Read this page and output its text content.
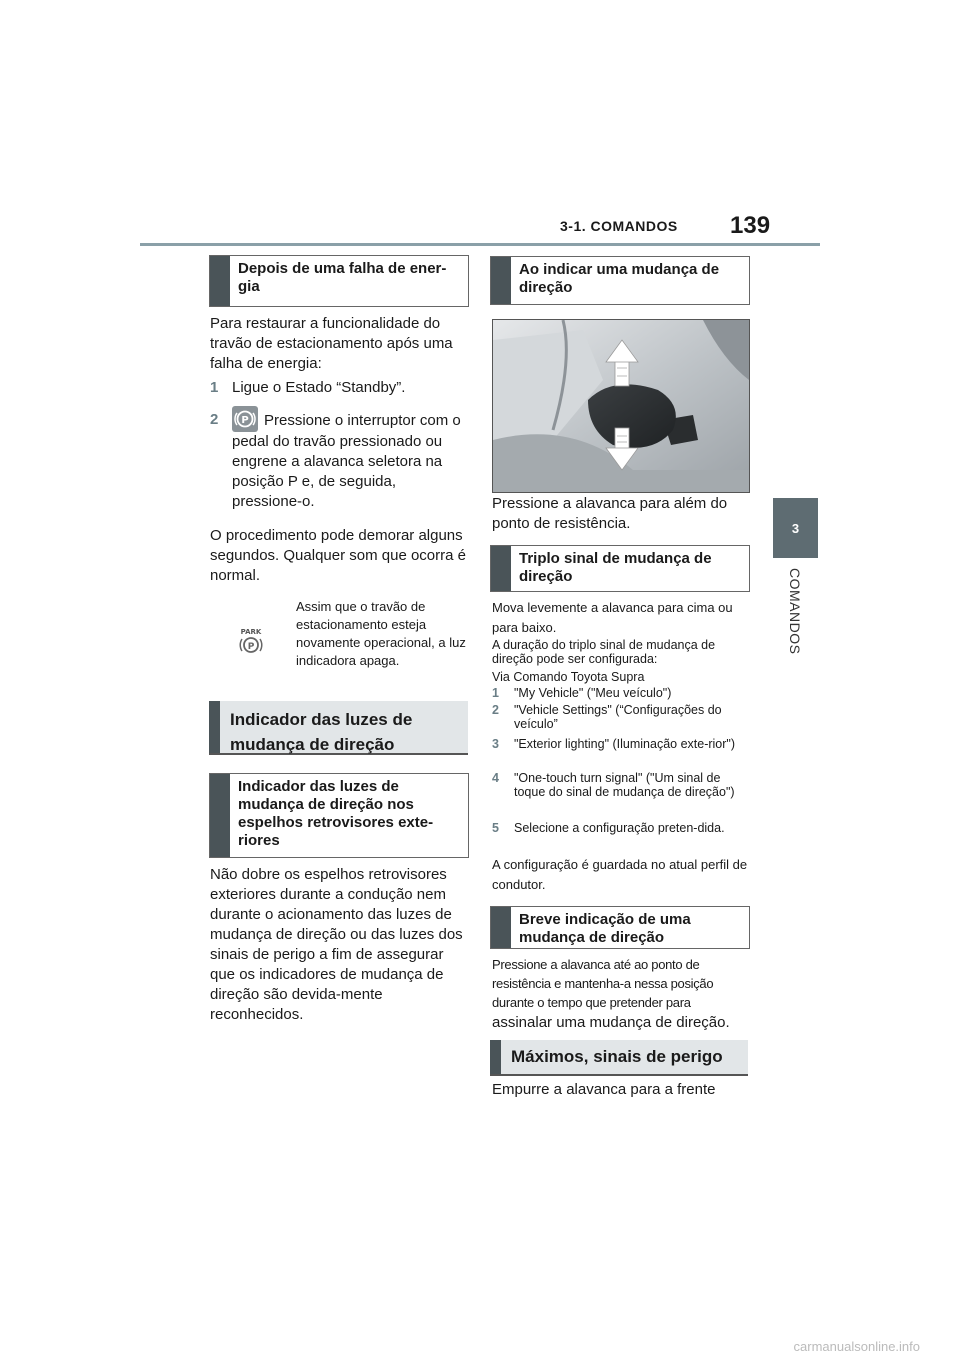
3-1. COMANDOS 139
3
COMANDOS
Depois de uma falha de ener-gia
Para restaurar a funcionalidade do travão de estacionamento após uma falha de energia:
1 Ligue o Estado “Standby”.
2	P Pressione o interruptor com o pedal do travão pressionado ou engrene a alavanca seletora na posição P e, de seguida, pressione-o.
O procedimento pode demorar alguns segundos. Qualquer som que ocorra é normal.
PARK
P
Assim que o travão de estacionamento esteja novamente operacional, a luz indicadora apaga.
Indicador das luzes de mudança de direção
Indicador das luzes de mudança de direção nos espelhos retrovisores exte-riores
Não dobre os espelhos retrovisores exteriores durante a condução nem durante o acionamento das luzes de mudança de direção ou das luzes dos sinais de perigo a fim de assegurar que os indicadores de mudança de direção são devida-mente reconhecidos.
Ao indicar uma mudança de direção
Pressione a alavanca para além do ponto de resistência.
Triplo sinal de mudança de direção
Mova levemente a alavanca para cima ou para baixo.
A duração do triplo sinal de mudança de direção pode ser configurada:
Via Comando Toyota Supra
1	"My Vehicle" ("Meu veículo")
2	"Vehicle Settings" (“Configurações do veículo”
3	"Exterior lighting" (Iluminação exte-rior")
4	"One-touch turn signal" ("Um sinal de toque do sinal de mudança de direção")
5	Selecione a configuração preten-dida.
A configuração é guardada no atual perfil de condutor.
Breve indicação de uma mudança de direção
Pressione a alavanca até ao ponto de resistência e mantenha-a nessa posição durante o tempo que pretender para
assinalar uma mudança de direção.
Máximos, sinais de perigo
Empurre a alavanca para a frente
carmanualsonline.info
